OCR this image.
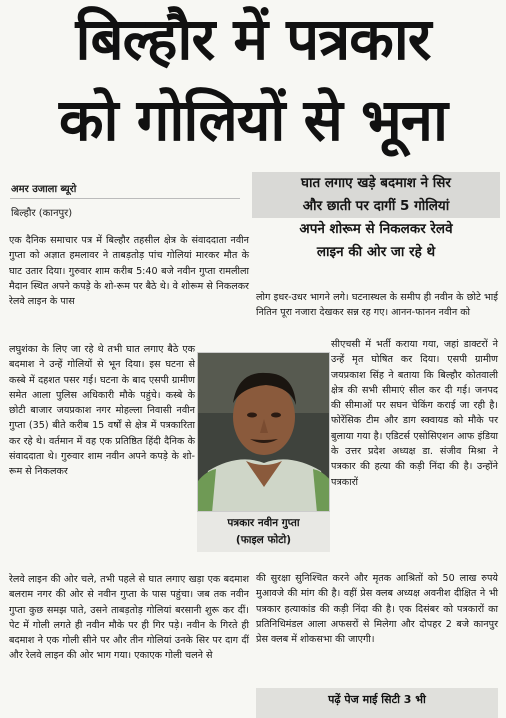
बिल्हौर में पत्रकार
को गोलियों से भूना
अमर उजाला ब्यूरो
बिल्हौर (कानपुर)
घात लगाए खड़े बदमाश ने सिर
और छाती पर दागीं 5 गोलियां
अपने शोरूम से निकलकर रेलवे
लाइन की ओर जा रहे थे

एक दैनिक समाचार पत्र में बिल्हौर तहसील क्षेत्र के संवाददाता नवीन गुप्ता को अज्ञात हमलावर ने ताबड़तोड़ पांच गोलियां मारकर मौत के घाट उतार दिया। गुरुवार शाम करीब 5:40 बजे नवीन गुप्ता रामलीला मैदान स्थित अपने कपड़े के शो-रूम पर बैठे थे। वे शोरूम से निकलकर रेलवे लाइन के पास

लघुशंका के लिए जा रहे थे तभी घात लगाए बैठे एक बदमाश ने उन्हें गोलियों से भून दिया। इस घटना से कस्बे में दहशत पसर गई। घटना के बाद एसपी ग्रामीण समेत आला पुलिस अधिकारी मौके पहुंचे। कस्बे के छोटी बाजार जयप्रकाश नगर मोहल्ला निवासी नवीन गुप्ता (35) बीते करीब 15 वर्षों से क्षेत्र में पत्रकारिता कर रहे थे। वर्तमान में वह एक प्रतिष्ठित हिंदी दैनिक के संवाददाता थे। गुरुवार शाम नवीन अपने कपड़े के शो-रूम से निकलकर

रेलवे लाइन की ओर चले, तभी पहले से घात लगाए खड़ा एक बदमाश बलराम नगर की ओर से नवीन गुप्ता के पास पहुंचा। जब तक नवीन गुप्ता कुछ समझ पाते, उसने ताबड़तोड़ गोलियां बरसानी शुरू कर दीं। पेट में गोली लगते ही नवीन मौके पर ही गिर पड़े। नवीन के गिरते ही बदमाश ने एक गोली सीने पर और तीन गोलियां उनके सिर पर दाग दीं और रेलवे लाइन की ओर भाग गया। एकाएक गोली चलने से

लोग इधर-उधर भागने लगे। घटनास्थल के समीप ही नवीन के छोटे भाई नितिन पूरा नजारा देखकर सन्न रह गए। आनन-फानन नवीन को

सीएचसी में भर्ती कराया गया, जहां डाक्टरों ने उन्हें मृत घोषित कर दिया। एसपी ग्रामीण जयप्रकाश सिंह ने बताया कि बिल्हौर कोतवाली क्षेत्र की सभी सीमाएं सील कर दी गई। जनपद की सीमाओं पर सघन चेकिंग कराई जा रही है। फोरेंसिक टीम और डाग स्क्वायड को मौके पर बुलाया गया है। एडिटर्स एसोसिएशन आफ इंडिया के उत्तर प्रदेश अध्यक्ष डा. संजीव मिश्रा ने पत्रकार की हत्या की कड़ी निंदा की है। उन्होंने पत्रकारों

की सुरक्षा सुनिश्चित करने और मृतक आश्रितों को 50 लाख रुपये मुआवजे की मांग की है। वहीं प्रेस क्लब अध्यक्ष अवनीश दीक्षित ने भी पत्रकार हत्याकांड की कड़ी निंदा की है। एक दिसंबर को पत्रकारों का प्रतिनिधिमंडल आला अफसरों से मिलेगा और दोपहर 2 बजे कानपुर प्रेस क्लब में शोकसभा की जाएगी।

पत्रकार नवीन गुप्ता
(फाइल फोटो)
पढ़ें पेज माई सिटी 3 भी
